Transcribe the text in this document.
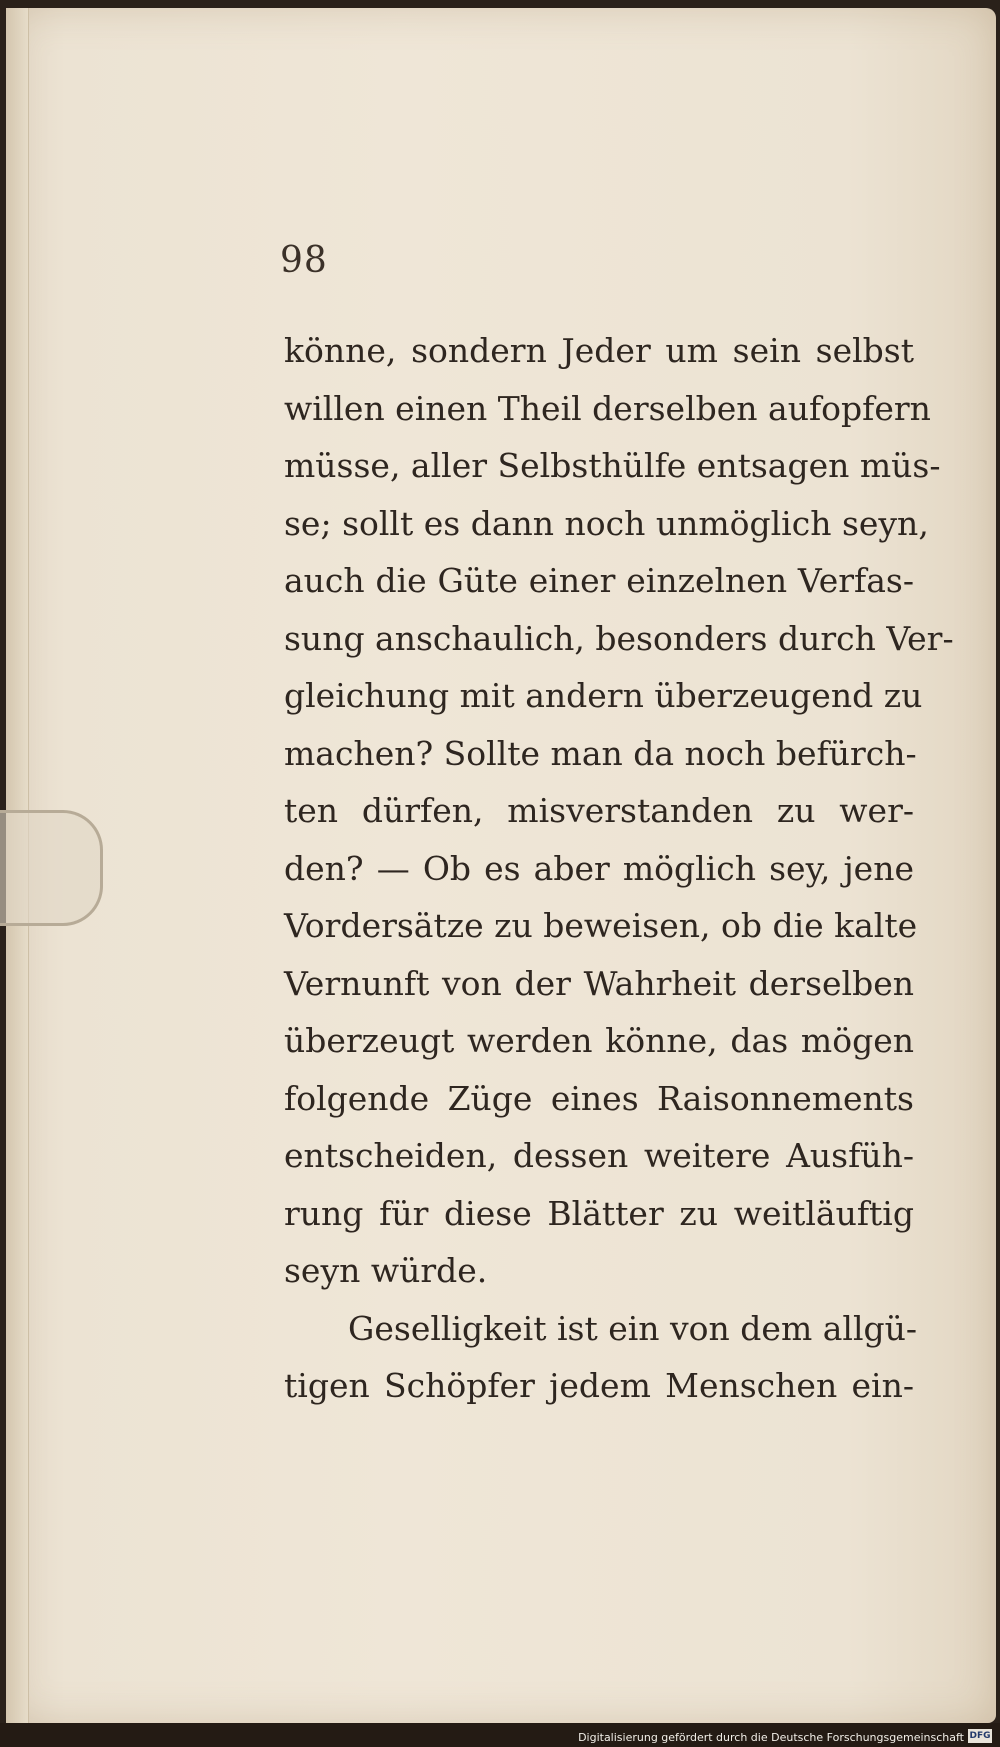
98
könne, sondern Jeder um sein selbst
willen einen Theil derselben aufopfern
müsse, aller Selbsthülfe entsagen müs-
se; sollt es dann noch unmöglich seyn,
auch die Güte einer einzelnen Verfas-
sung anschaulich, besonders durch Ver-
gleichung mit andern überzeugend zu
machen? Sollte man da noch befürch-
ten dürfen, misverstanden zu wer-
den? — Ob es aber möglich sey, jene
Vordersätze zu beweisen, ob die kalte
Vernunft von der Wahrheit derselben
überzeugt werden könne, das mögen
folgende Züge eines Raisonnements
entscheiden, dessen weitere Ausfüh-
rung für diese Blätter zu weitläuftig
seyn würde.
Geselligkeit ist ein von dem allgü-
tigen Schöpfer jedem Menschen ein-
Digitalisierung gefördert durch die Deutsche Forschungsgemeinschaft DFG
